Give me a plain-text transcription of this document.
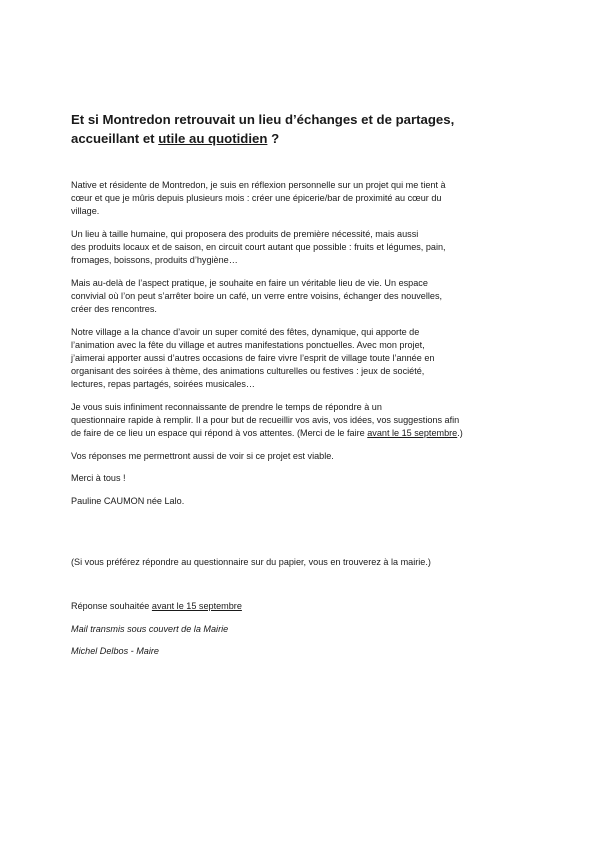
Et si Montredon retrouvait un lieu d’échanges et de partages,
accueillant et utile au quotidien ?

Native et résidente de Montredon, je suis en réflexion personnelle sur un projet qui me tient à
cœur et que je mûris depuis plusieurs mois : créer une épicerie/bar de proximité au cœur du
village.

Un lieu à taille humaine, qui proposera des produits de première nécessité, mais aussi
des produits locaux et de saison, en circuit court autant que possible : fruits et légumes, pain,
fromages, boissons, produits d’hygiène…

Mais au-delà de l’aspect pratique, je souhaite en faire un véritable lieu de vie. Un espace
convivial où l’on peut s’arrêter boire un café, un verre entre voisins, échanger des nouvelles,
créer des rencontres.

Notre village a la chance d’avoir un super comité des fêtes, dynamique, qui apporte de
l’animation avec la fête du village et autres manifestations ponctuelles. Avec mon projet,
j’aimerai apporter aussi d’autres occasions de faire vivre l’esprit de village toute l’année en
organisant des soirées à thème, des animations culturelles ou festives : jeux de société,
lectures, repas partagés, soirées musicales…

Je vous suis infiniment reconnaissante de prendre le temps de répondre à un
questionnaire rapide à remplir. Il a pour but de recueillir vos avis, vos idées, vos suggestions afin
de faire de ce lieu un espace qui répond à vos attentes. (Merci de le faire avant le 15 septembre.)

Vos réponses me permettront aussi de voir si ce projet est viable.

Merci à tous !

Pauline CAUMON née Lalo.

(Si vous préférez répondre au questionnaire sur du papier, vous en trouverez à la mairie.)

Réponse souhaitée avant le 15 septembre

Mail transmis sous couvert de la Mairie

Michel Delbos - Maire
